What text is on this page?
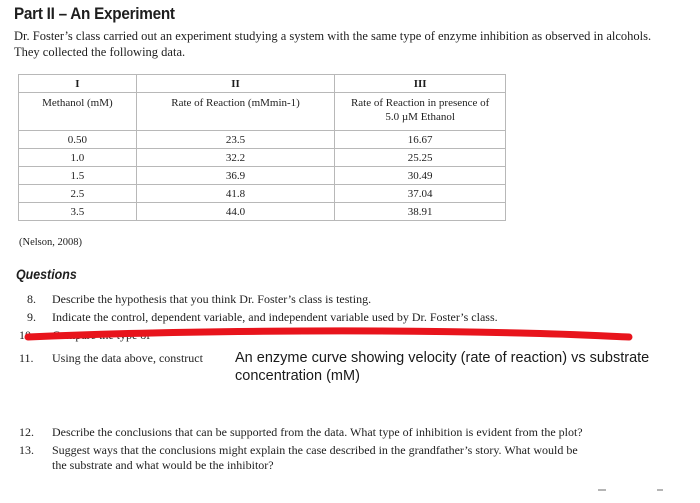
Part II – An Experiment
Dr. Foster’s class carried out an experiment studying a system with the same type of enzyme inhibition as observed in alcohols. They collected the following data.
I	II	III
Methanol (mM)	Rate of Reaction (mMmin-1)	Rate of Reaction in presence of 5.0 µM Ethanol
0.50	23.5	16.67
1.0	32.2	25.25
1.5	36.9	30.49
2.5	41.8	37.04
3.5	44.0	38.91
(Nelson, 2008)
Questions
8. Describe the hypothesis that you think Dr. Foster’s class is testing.
9. Indicate the control, dependent variable, and independent variable used by Dr. Foster’s class.
10. Compare the type of
11. Using the data above, construct An enzyme curve showing velocity (rate of reaction) vs substrate concentration (mM)
12. Describe the conclusions that can be supported from the data. What type of inhibition is evident from the plot?
13. Suggest ways that the conclusions might explain the case described in the grandfather’s story. What would be
the substrate and what would be the inhibitor?
